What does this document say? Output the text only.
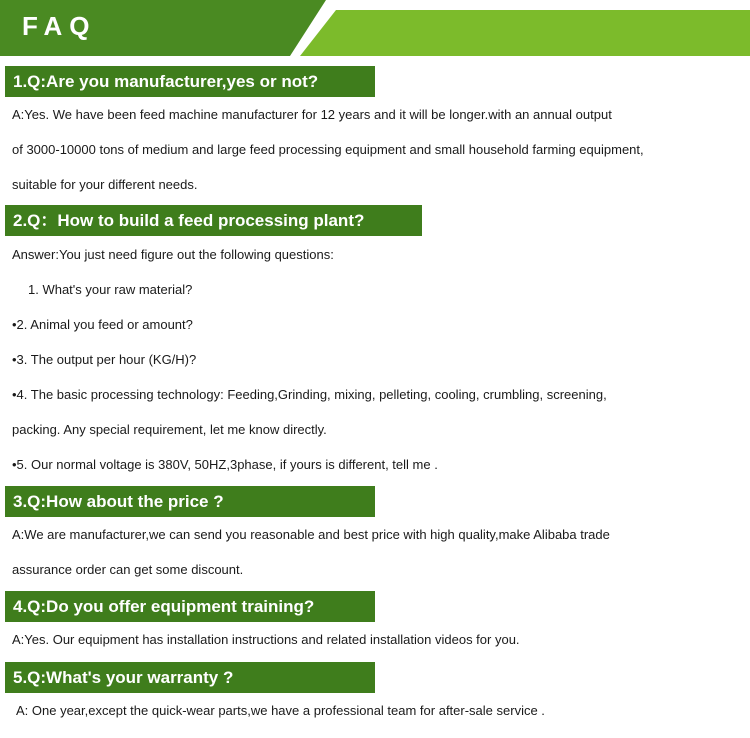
FAQ
1.Q:Are you manufacturer,yes or not?
A:Yes. We have been feed machine manufacturer for 12 years and it will be longer.with an annual output
of 3000-10000 tons of medium and large feed processing equipment and small household farming equipment,
suitable for your different needs.
2.Q：How to build a feed processing plant?
Answer:You just need figure out the following questions:
1. What's your raw material?
•2. Animal you feed or amount?
•3. The output per hour (KG/H)?
•4. The basic processing technology: Feeding,Grinding, mixing, pelleting, cooling, crumbling, screening,
packing. Any special requirement, let me know directly.
•5. Our normal voltage is 380V, 50HZ,3phase, if yours is different, tell me .
3.Q:How about the price ?
A:We are manufacturer,we can send you reasonable and best price with high quality,make Alibaba trade
assurance order can get some discount.
4.Q:Do you offer equipment training?
A:Yes. Our equipment has installation instructions and related installation videos for you.
5.Q:What's your warranty ?
A: One year,except the quick-wear parts,we have a professional team for after-sale service .
